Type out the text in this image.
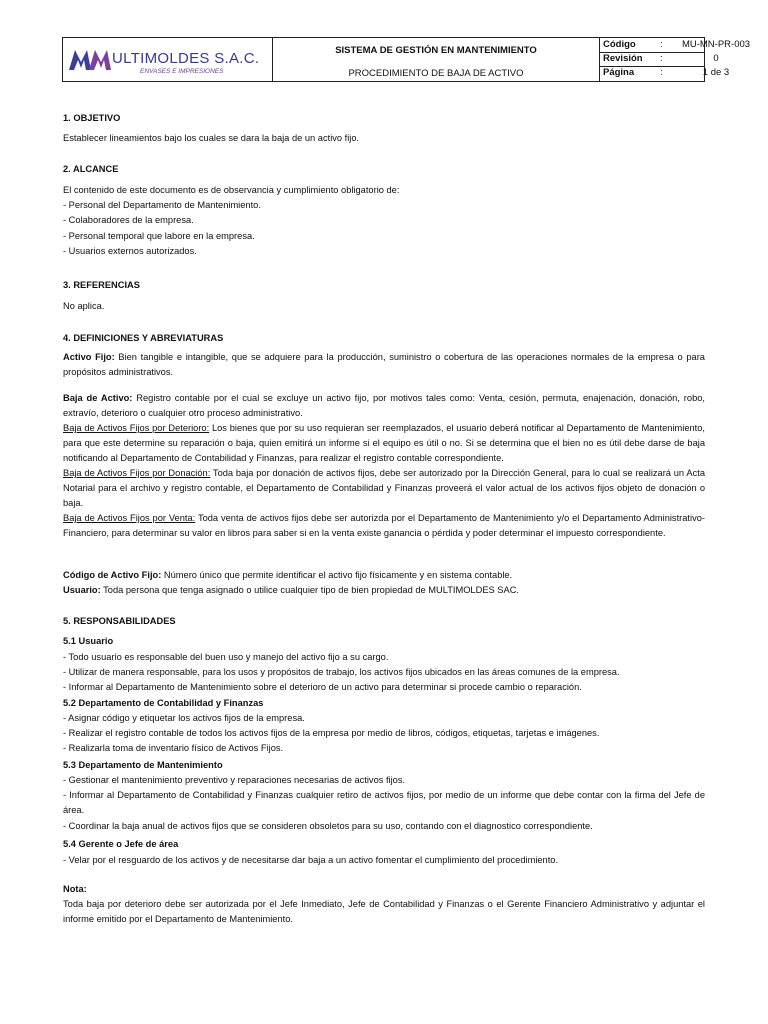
ULTIMOLDES S.A.C.
ENVASES E IMPRESIONES
SISTEMA DE GESTIÓN EN MANTENIMIENTO
PROCEDIMIENTO DE BAJA DE ACTIVO
Código	:	MU-MN-PR-003
Revisión :	0
Página	:	1 de 3
1. OBJETIVO
Establecer lineamientos bajo los cuales se dara la baja de un activo fijo.
2. ALCANCE
El contenido de este documento es de observancia y cumplimiento obligatorio de:
- Personal del Departamento de Mantenimiento.
- Colaboradores de la empresa.
- Personal temporal que labore en la empresa.
- Usuarios externos autorizados.
3. REFERENCIAS
No aplica.
4. DEFINICIONES Y ABREVIATURAS
Activo Fijo: Bien tangible e intangible, que se adquiere para la producción, suministro o cobertura de las operaciones normales de la empresa o para propósitos administrativos.
Baja de Activo: Registro contable por el cual se excluye un activo fijo, por motivos tales como: Venta, cesión, permuta, enajenación, donación, robo, extravío, deterioro o cualquier otro proceso administrativo.
Baja de Activos Fijos por Deterioro: Los bienes que por su uso requieran ser reemplazados, el usuario deberá notificar al Departamento de Mantenimiento, para que este determine su reparación o baja, quien emitirá un informe si el equipo es útil o no. Si se determina que el bien no es útil debe darse de baja notificando al Departamento de Contabilidad y Finanzas, para realizar el registro contable correspondiente.
Baja de Activos Fijos por Donación: Toda baja por donación de activos fijos, debe ser autorizado por la Dirección General, para lo cual se realizará un Acta Notarial para el archivo y registro contable, el Departamento de Contabilidad y Finanzas proveerá el valor actual de los activos fijos objeto de donación o baja.
Baja de Activos Fijos por Venta: Toda venta de activos fijos debe ser autorizda por el Departamento de Mantenimiento y/o el Departamento Administrativo-Financiero, para determinar su valor en libros para saber si en la venta existe ganancia o pérdida y poder determinar el impuesto correspondiente.
Código de Activo Fijo: Número único que permite identificar el activo fijo físicamente y en sistema contable.
Usuario: Toda persona que tenga asignado o utilice cualquier tipo de bien propiedad de MULTIMOLDES SAC.
5. RESPONSABILIDADES
5.1 Usuario
- Todo usuario es responsable del buen uso y manejo del activo fijo a su cargo.
- Utilizar de manera responsable, para los usos y propósitos de trabajo, los activos fijos ubicados en las áreas comunes de la empresa.
- Informar al Departamento de Mantenimiento sobre el deterioro de un activo para determinar si procede cambio o reparación.
5.2 Departamento de Contabilidad y Finanzas
- Asignar código y etiquetar los activos fijos de la empresa.
- Realizar el registro contable de todos los activos fijos de la empresa por medio de libros, códigos, etiquetas, tarjetas e imágenes.
- Realizarla toma de inventario físico de Activos Fijos.
5.3 Departamento de Mantenimiento
- Gestionar el mantenimiento preventivo y reparaciones necesarias de activos fijos.
- Informar al Departamento de Contabilidad y Finanzas cualquier retiro de activos fijos, por medio de un informe que debe contar con la firma del Jefe de área.
- Coordinar la baja anual de activos fijos que se consideren obsoletos para su uso, contando con el diagnostico correspondiente.
5.4 Gerente o Jefe de área
- Velar por el resguardo de los activos y de necesitarse dar baja a un activo fomentar el cumplimiento del procedimiento.
Nota:
Toda baja por deterioro debe ser autorizada por el Jefe Inmediato, Jefe de Contabilidad y Finanzas o el Gerente Financiero Administrativo y adjuntar el informe emitido por el Departamento de Mantenimiento.
